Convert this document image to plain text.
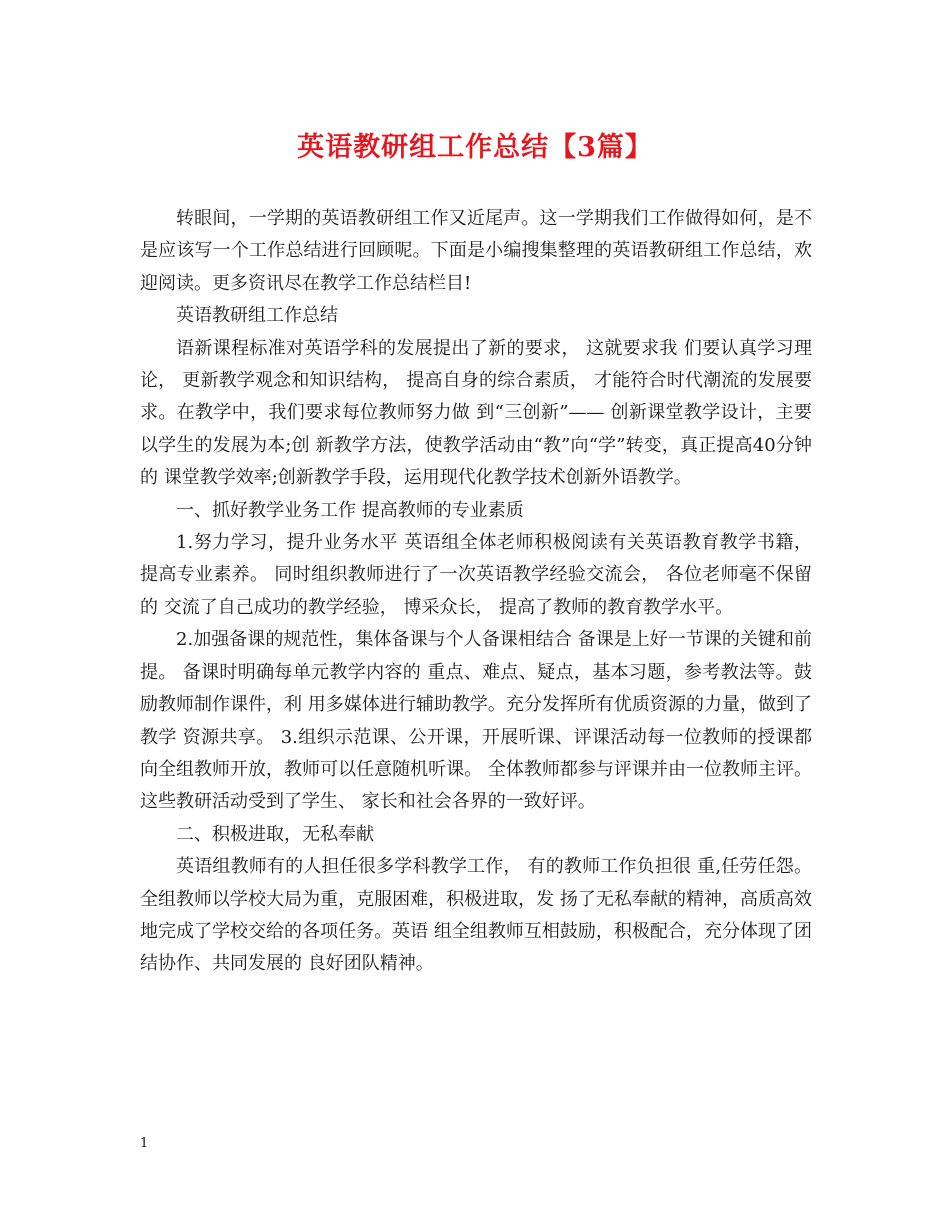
英语教研组工作总结【3篇】

转眼间，一学期的英语教研组工作又近尾声。这一学期我们工作做得如何，是不是应该写一个工作总结进行回顾呢。下面是小编搜集整理的英语教研组工作总结，欢迎阅读。更多资讯尽在教学工作总结栏目!

英语教研组工作总结

语新课程标准对英语学科的发展提出了新的要求， 这就要求我 们要认真学习理论， 更新教学观念和知识结构， 提高自身的综合素质， 才能符合时代潮流的发展要求。在教学中，我们要求每位教师努力做 到“三创新”—— 创新课堂教学设计，主要以学生的发展为本;创 新教学方法，使教学活动由“教”向“学”转变，真正提高40分钟的 课堂教学效率;创新教学手段，运用现代化教学技术创新外语教学。

一、抓好教学业务工作 提高教师的专业素质

1.努力学习，提升业务水平 英语组全体老师积极阅读有关英语教育教学书籍， 提高专业素养。 同时组织教师进行了一次英语教学经验交流会， 各位老师毫不保留的 交流了自己成功的教学经验， 博采众长， 提高了教师的教育教学水平。

2.加强备课的规范性，集体备课与个人备课相结合 备课是上好一节课的关键和前提。 备课时明确每单元教学内容的 重点、难点、疑点，基本习题，参考教法等。鼓励教师制作课件，利 用多媒体进行辅助教学。充分发挥所有优质资源的力量，做到了教学 资源共享。 3.组织示范课、公开课，开展听课、评课活动每一位教师的授课都向全组教师开放，教师可以任意随机听课。 全体教师都参与评课并由一位教师主评。这些教研活动受到了学生、 家长和社会各界的一致好评。

二、积极进取，无私奉献

英语组教师有的人担任很多学科教学工作， 有的教师工作负担很 重,任劳任怨。全组教师以学校大局为重，克服困难，积极进取，发 扬了无私奉献的精神，高质高效地完成了学校交给的各项任务。英语 组全组教师互相鼓励，积极配合，充分体现了团结协作、共同发展的 良好团队精神。

1
